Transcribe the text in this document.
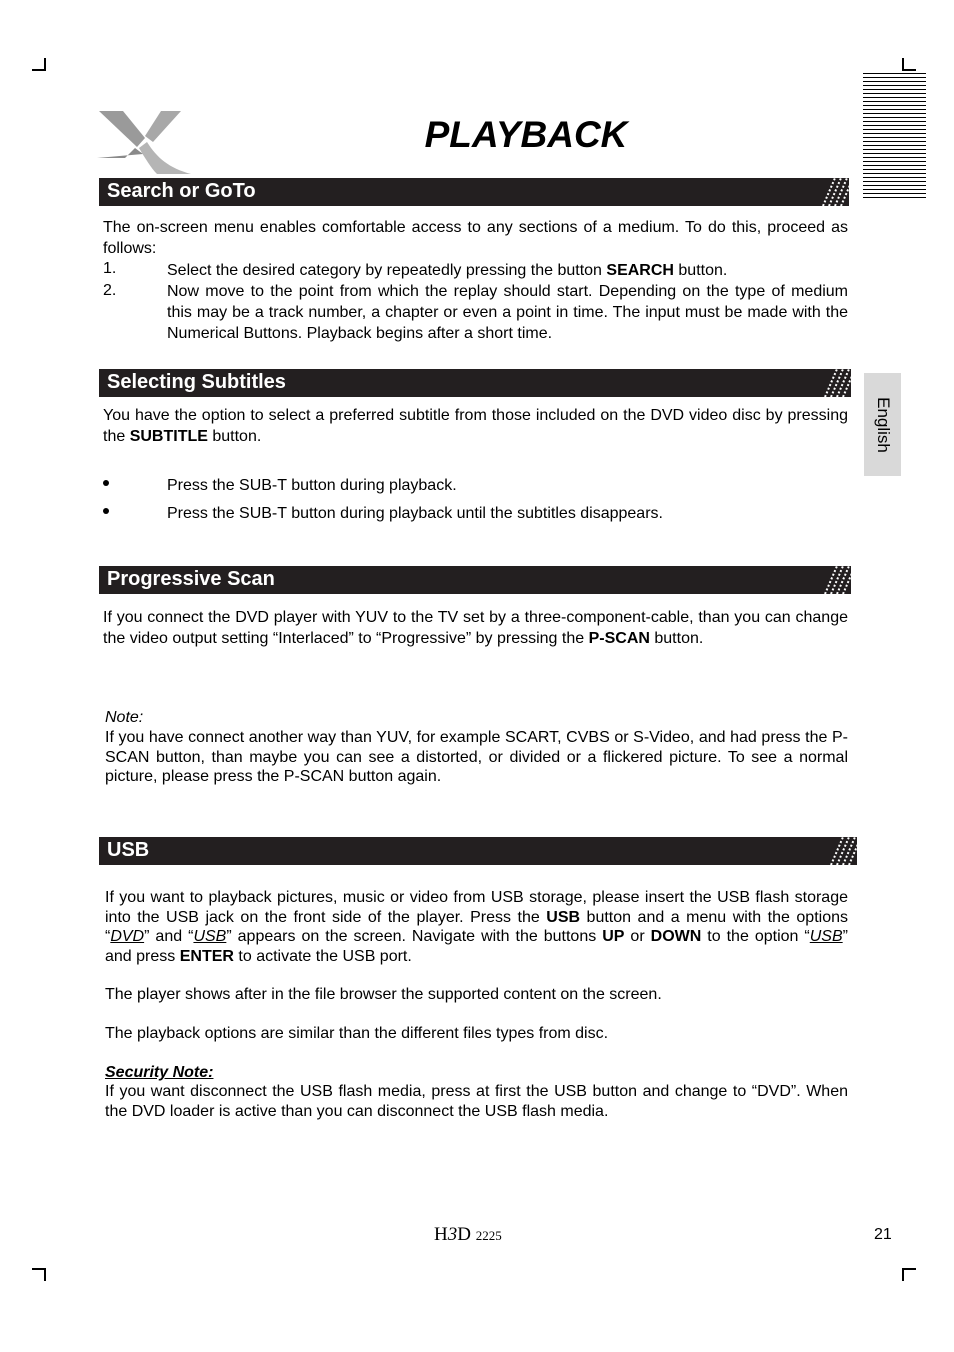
English
PLAYBACK
Search or GoTo
The on-screen menu enables comfortable access to any sections of a medium. To do this, proceed as follows:
1.	Select the desired category by repeatedly pressing the button SEARCH button.
2.	Now move to the point from which the replay should start. Depending on the type of medium this may be a track number, a chapter or even a point in time. The input must be made with the Numerical Buttons. Playback begins after a short time.
Selecting Subtitles
You have the option to select a preferred subtitle from those included on the DVD video disc by pressing the SUBTITLE button.
Press the SUB-T button during playback.
Press the SUB-T button during playback until the subtitles disappears.
Progressive Scan
If you connect the DVD player with YUV to the TV set by a three-component-cable, than you can change the video output setting “Interlaced” to “Progressive” by pressing the P-SCAN button.
Note:
If you have connect another way than YUV, for example SCART, CVBS or S-Video, and had press the P-SCAN button, than maybe you can see a distorted, or divided or a flickered picture. To see a normal picture, please press the P-SCAN button again.
USB
If you want to playback pictures, music or video from USB storage, please insert the USB flash storage into the USB jack on the front side of the player. Press the USB button and a menu with the options “DVD” and “USB” appears on the screen. Navigate with the buttons UP or DOWN to the option “USB” and press ENTER to activate the USB port.
The player shows after in the file browser the supported content on the screen.
The playback options are similar than the different files types from disc.
Security Note:
If you want disconnect the USB flash media, press at first the USB button and change to “DVD”. When the DVD loader is active than you can disconnect the USB flash media.
H3D 2225	21
